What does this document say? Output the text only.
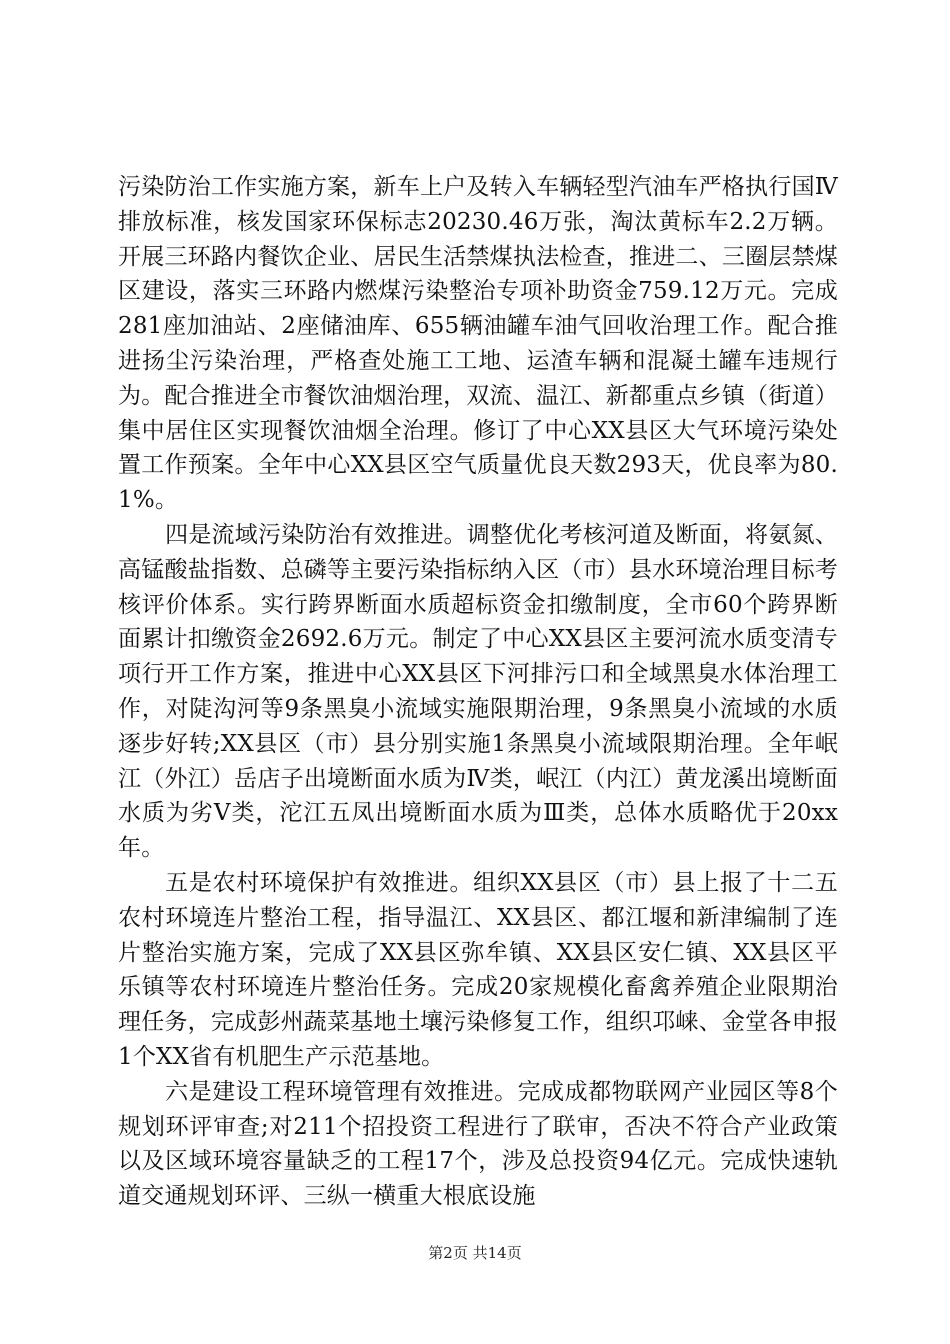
污染防治工作实施方案，新车上户及转入车辆轻型汽油车严格执行国Ⅳ排放标准，核发国家环保标志20230.46万张，淘汰黄标车2.2万辆。开展三环路内餐饮企业、居民生活禁煤执法检查，推进二、三圈层禁煤区建设，落实三环路内燃煤污染整治专项补助资金759.12万元。完成281座加油站、2座储油库、655辆油罐车油气回收治理工作。配合推进扬尘污染治理，严格查处施工工地、运渣车辆和混凝土罐车违规行为。配合推进全市餐饮油烟治理，双流、温江、新都重点乡镇（街道）集中居住区实现餐饮油烟全治理。修订了中心XX县区大气环境污染处置工作预案。全年中心XX县区空气质量优良天数293天，优良率为80.1%。

四是流域污染防治有效推进。调整优化考核河道及断面，将氨氮、高锰酸盐指数、总磷等主要污染指标纳入区（市）县水环境治理目标考核评价体系。实行跨界断面水质超标资金扣缴制度，全市60个跨界断面累计扣缴资金2692.6万元。制定了中心XX县区主要河流水质变清专项行开工作方案，推进中心XX县区下河排污口和全域黑臭水体治理工作，对陡沟河等9条黑臭小流域实施限期治理，9条黑臭小流域的水质逐步好转;XX县区（市）县分别实施1条黑臭小流域限期治理。全年岷江（外江）岳店子出境断面水质为Ⅳ类，岷江（内江）黄龙溪出境断面水质为劣Ⅴ类，沱江五凤出境断面水质为Ⅲ类，总体水质略优于20xx年。

五是农村环境保护有效推进。组织XX县区（市）县上报了十二五农村环境连片整治工程，指导温江、XX县区、都江堰和新津编制了连片整治实施方案，完成了XX县区弥牟镇、XX县区安仁镇、XX县区平乐镇等农村环境连片整治任务。完成20家规模化畜禽养殖企业限期治理任务，完成彭州蔬菜基地土壤污染修复工作，组织邛崃、金堂各申报1个XX省有机肥生产示范基地。

六是建设工程环境管理有效推进。完成成都物联网产业园区等8个规划环评审查;对211个招投资工程进行了联审，否决不符合产业政策以及区域环境容量缺乏的工程17个，涉及总投资94亿元。完成快速轨道交通规划环评、三纵一横重大根底设施

第2页 共14页
